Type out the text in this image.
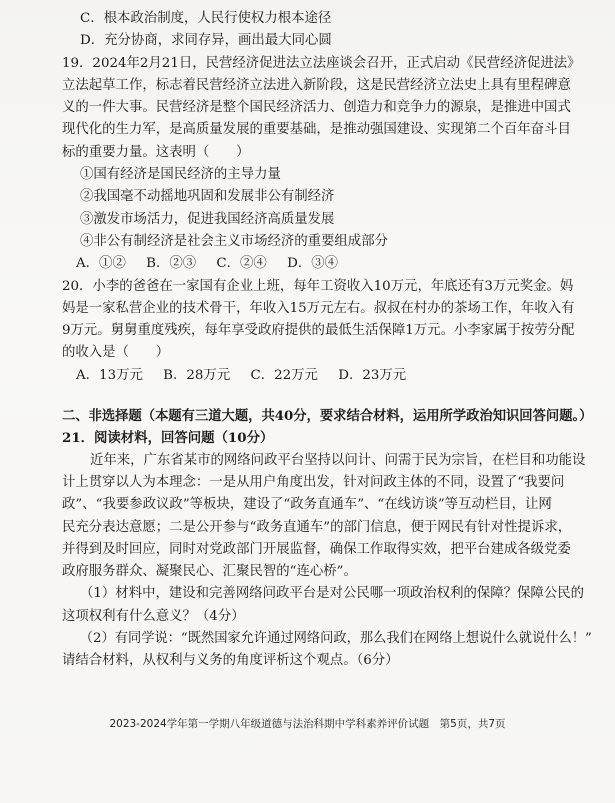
C．根本政治制度，人民行使权力根本途径
D．充分协商，求同存异，画出最大同心圆
19．2024年2月21日，民营经济促进法立法座谈会召开，正式启动《民营经济促进法》
立法起草工作，标志着民营经济立法进入新阶段，这是民营经济立法史上具有里程碑意
义的一件大事。民营经济是整个国民经济活力、创造力和竞争力的源泉，是推进中国式
现代化的生力军，是高质量发展的重要基础，是推动强国建设、实现第二个百年奋斗目
标的重要力量。这表明（　　）
①国有经济是国民经济的主导力量
②我国毫不动摇地巩固和发展非公有制经济
③激发市场活力，促进我国经济高质量发展
④非公有制经济是社会主义市场经济的重要组成部分
A．①② B．②③ C．②④ D．③④
20．小李的爸爸在一家国有企业上班，每年工资收入10万元，年底还有3万元奖金。妈
妈是一家私营企业的技术骨干，年收入15万元左右。叔叔在村办的茶场工作，年收入有
9万元。舅舅重度残疾，每年享受政府提供的最低生活保障1万元。小李家属于按劳分配
的收入是（　　）
A．13万元 B．28万元 C．22万元 D．23万元
二、非选择题（本题有三道大题，共40分，要求结合材料，运用所学政治知识回答问题。）
21．阅读材料，回答问题（10分）
近年来，广东省某市的网络问政平台坚持以问计、问需于民为宗旨，在栏目和功能设
计上贯穿以人为本理念：一是从用户角度出发，针对问政主体的不同，设置了“我要问
政”、“我要参政议政”等板块，建设了“政务直通车”、“在线访谈”等互动栏目，让网
民充分表达意愿；二是公开参与“政务直通车”的部门信息，便于网民有针对性提诉求，
并得到及时回应，同时对党政部门开展监督，确保工作取得实效，把平台建成各级党委
政府服务群众、凝聚民心、汇聚民智的“连心桥”。
（1）材料中，建设和完善网络问政平台是对公民哪一项政治权利的保障？保障公民的
这项权利有什么意义？（4分）
（2）有同学说：“既然国家允许通过网络问政，那么我们在网络上想说什么就说什么！”
请结合材料，从权利与义务的角度评析这个观点。（6分）
2023-2024学年第一学期八年级道德与法治科期中学科素养评价试题　第5页，共7页
